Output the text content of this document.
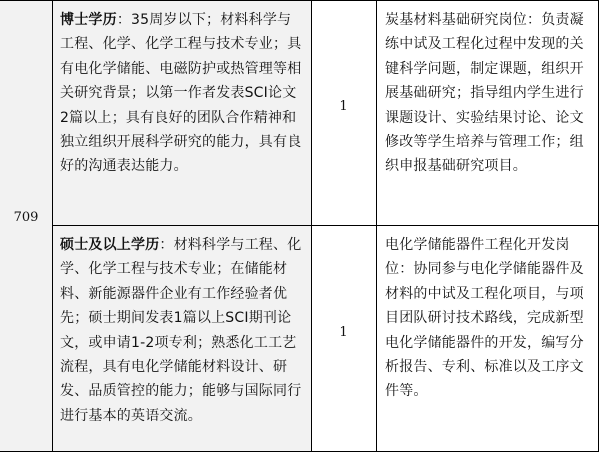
709
博士学历：35周岁以下；材料科学与工程、化学、化学工程与技术专业；具有电化学储能、电磁防护或热管理等相关研究背景；以第一作者发表SCI论文2篇以上；具有良好的团队合作精神和独立组织开展科学研究的能力，具有良好的沟通表达能力。
1
炭基材料基础研究岗位：负责凝练中试及工程化过程中发现的关键科学问题，制定课题，组织开展基础研究；指导组内学生进行课题设计、实验结果讨论、论文修改等学生培养与管理工作；组织申报基础研究项目。
硕士及以上学历：材料科学与工程、化学、化学工程与技术专业；在储能材料、新能源器件企业有工作经验者优先；硕士期间发表1篇以上SCI期刊论文，或申请1-2项专利；熟悉化工工艺流程，具有电化学储能材料设计、研发、品质管控的能力；能够与国际同行进行基本的英语交流。
1
电化学储能器件工程化开发岗位：协同参与电化学储能器件及材料的中试及工程化项目，与项目团队研讨技术路线，完成新型电化学储能器件的开发，编写分析报告、专利、标准以及工序文件等。
